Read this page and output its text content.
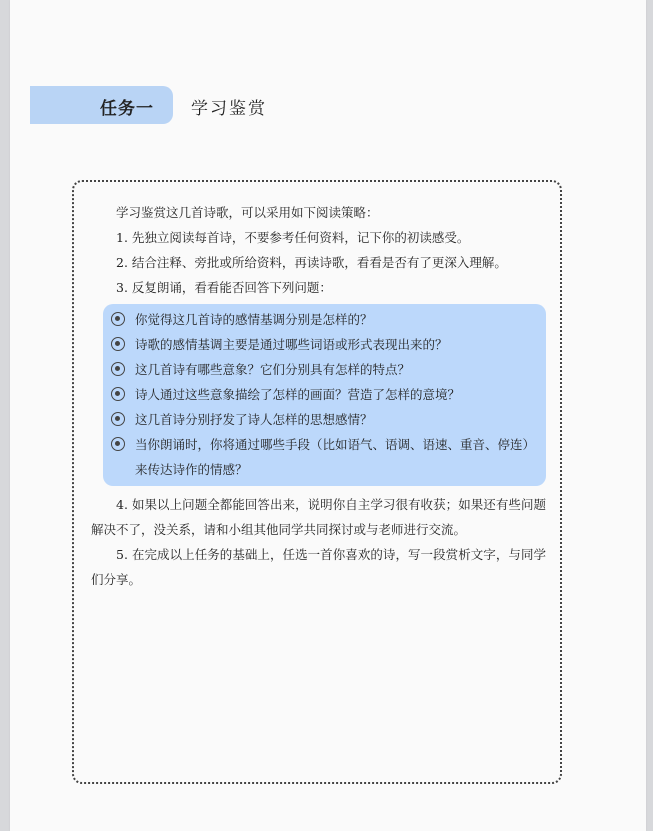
任务一 学习鉴赏

学习鉴赏这几首诗歌，可以采用如下阅读策略：

1. 先独立阅读每首诗，不要参考任何资料，记下你的初读感受。

2. 结合注释、旁批或所给资料，再读诗歌，看看是否有了更深入理解。

3. 反复朗诵，看看能否回答下列问题：

你觉得这几首诗的感情基调分别是怎样的？
诗歌的感情基调主要是通过哪些词语或形式表现出来的？
这几首诗有哪些意象？它们分别具有怎样的特点？
诗人通过这些意象描绘了怎样的画面？营造了怎样的意境？
这几首诗分别抒发了诗人怎样的思想感情？
当你朗诵时，你将通过哪些手段（比如语气、语调、语速、重音、停连）来传达诗作的情感？

4. 如果以上问题全都能回答出来，说明你自主学习很有收获；如果还有些问题解决不了，没关系，请和小组其他同学共同探讨或与老师进行交流。

5. 在完成以上任务的基础上，任选一首你喜欢的诗，写一段赏析文字，与同学们分享。
